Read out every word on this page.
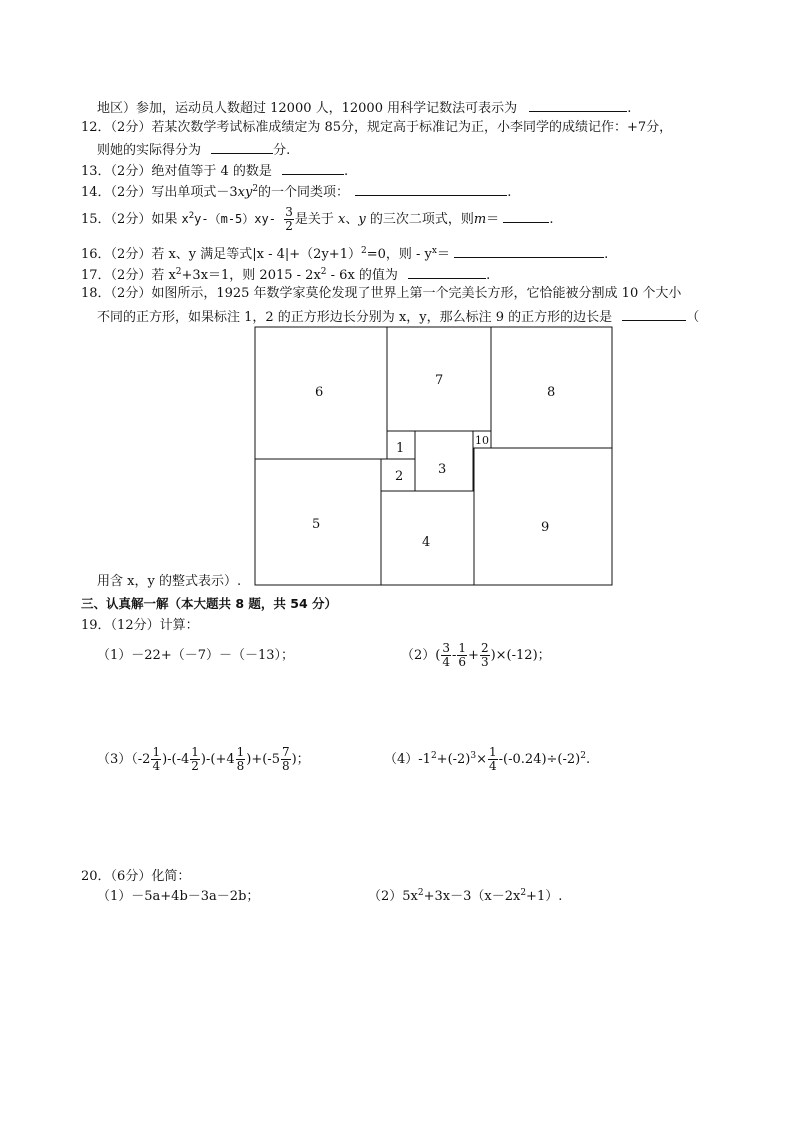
地区）参加，运动员人数超过 12000 人，12000 用科学记数法可表示为	.
12．（2分）若某次数学考试标准成绩定为 85分，规定高于标准记为正，小李同学的成绩记作：+7分，
则她的实际得分为	分.
13．（2分）绝对值等于 4 的数是	.
14．（2分）写出单项式$-3xy^2$的一个同类项：	.
15．（2分）如果 $x^2y-(m-5)xy- \frac{3}{2}$ 是关于 x、y 的三次二项式，则m＝	.
16．（2分）若 x、y 满足等式$|x - 4|+(2y+1)^2=0$，则 - $y^x=$	.
17．（2分）若 $x^2+3x=1$，则 $2015 - 2x^2 - 6x$ 的值为	.
18．（2分）如图所示，1925 年数学家莫伦发现了世界上第一个完美长方形，它恰能被分割成 10 个大小
不同的正方形，如果标注 1，2 的正方形边长分别为 x，y，那么标注 9 的正方形的边长是	（
6
7
8
1
10
3
2
5
4
9
用含 x，y 的整式表示）.
三、认真解一解（本大题共 8 题，共 54 分）
19．（12分）计算：
（1）－22+（－7）－（－13）；	$(2)( \frac{3}{4} - \frac{1}{6} + \frac{2}{3} )\times(-12)$；
$(3)(-2 \frac{1}{4} )-(-4 \frac{1}{2} )-(+4 \frac{1}{8} )+(-5 \frac{7}{8}$ )；	$(4)-1^2+(-2)^3\times \frac{1}{4} -(-0.24)\div(-2)^2$.
20．（6分）化简：
（1）－5a+4b－3a－2b；	$(2)5x^2+3x-3(x-2x^2+1)$.
